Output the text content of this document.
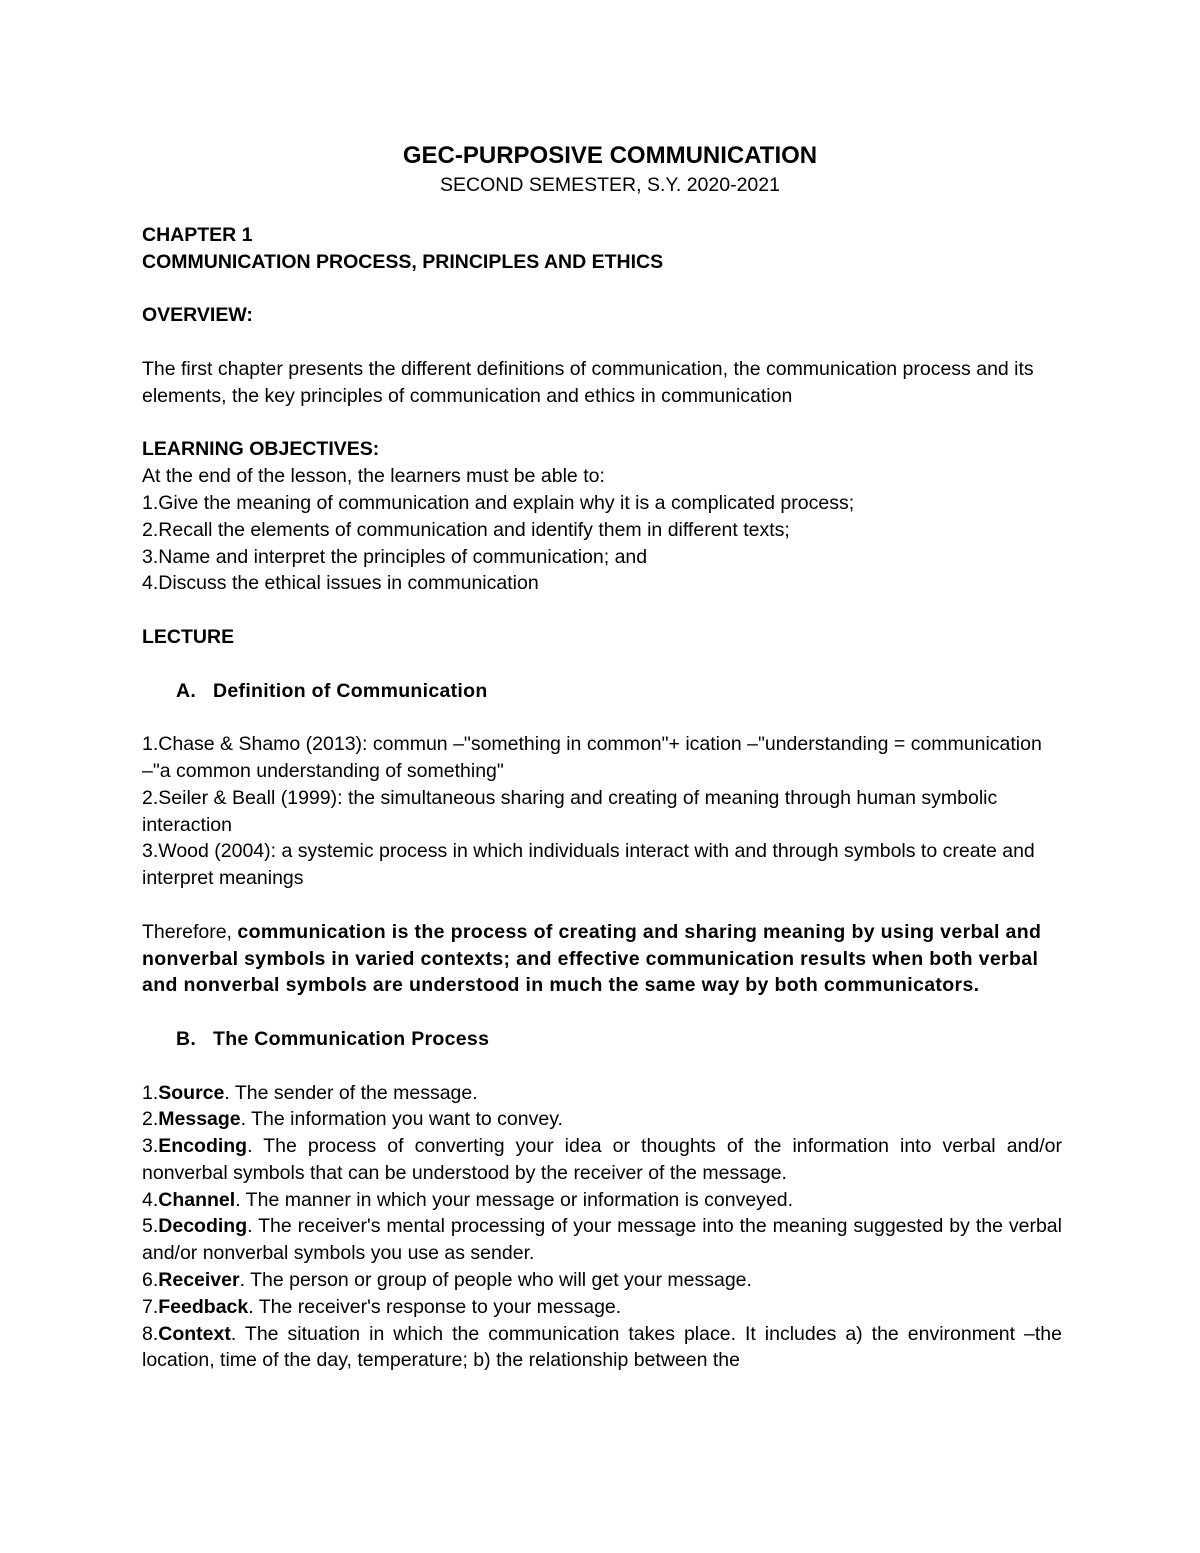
GEC-PURPOSIVE COMMUNICATION

SECOND SEMESTER, S.Y. 2020-2021

CHAPTER 1

COMMUNICATION PROCESS, PRINCIPLES AND ETHICS

OVERVIEW:

The first chapter presents the different definitions of communication, the communication process and its elements, the key principles of communication and ethics in communication

LEARNING OBJECTIVES:

At the end of the lesson, the learners must be able to:

1.Give the meaning of communication and explain why it is a complicated process;

2.Recall the elements of communication and identify them in different texts;

3.Name and interpret the principles of communication; and

4.Discuss the ethical issues in communication

LECTURE

A. Definition of Communication

1.Chase & Shamo (2013): commun –"something in common"+ ication –"understanding = communication –"a common understanding of something"

2.Seiler & Beall (1999): the simultaneous sharing and creating of meaning through human symbolic interaction

3.Wood (2004): a systemic process in which individuals interact with and through symbols to create and interpret meanings

Therefore, communication is the process of creating and sharing meaning by using verbal and nonverbal symbols in varied contexts; and effective communication results when both verbal and nonverbal symbols are understood in much the same way by both communicators.

B. The Communication Process

1.Source. The sender of the message.

2.Message. The information you want to convey.

3.Encoding. The process of converting your idea or thoughts of the information into verbal and/or nonverbal symbols that can be understood by the receiver of the message.

4.Channel. The manner in which your message or information is conveyed.

5.Decoding. The receiver's mental processing of your message into the meaning suggested by the verbal and/or nonverbal symbols you use as sender.

6.Receiver. The person or group of people who will get your message.

7.Feedback. The receiver's response to your message.

8.Context. The situation in which the communication takes place. It includes a) the environment –the location, time of the day, temperature; b) the relationship between the
